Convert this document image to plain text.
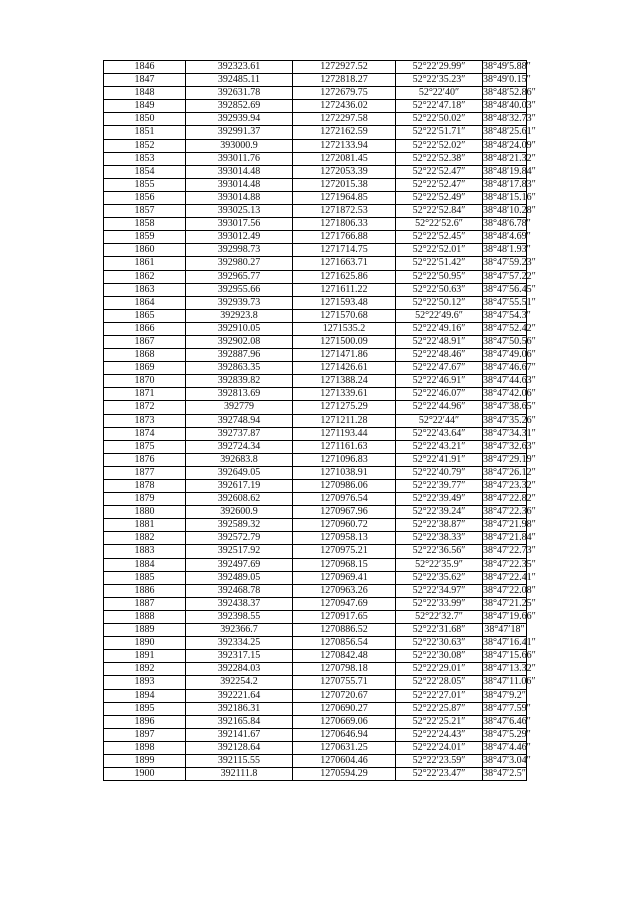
1846	392323.61	1272927.52	52°22′29.99″	38°49′5.88″
1847	392485.11	1272818.27	52°22′35.23″	38°49′0.15″
1848	392631.78	1272679.75	52°22′40″	38°48′52.86″
1849	392852.69	1272436.02	52°22′47.18″	38°48′40.03″
1850	392939.94	1272297.58	52°22′50.02″	38°48′32.73″
1851	392991.37	1272162.59	52°22′51.71″	38°48′25.61″
1852	393000.9	1272133.94	52°22′52.02″	38°48′24.09″
1853	393011.76	1272081.45	52°22′52.38″	38°48′21.32″
1854	393014.48	1272053.39	52°22′52.47″	38°48′19.84″
1855	393014.48	1272015.38	52°22′52.47″	38°48′17.83″
1856	393014.88	1271964.85	52°22′52.49″	38°48′15.16″
1857	393025.13	1271872.53	52°22′52.84″	38°48′10.28″
1858	393017.56	1271806.33	52°22′52.6″	38°48′6.78″
1859	393012.49	1271766.88	52°22′52.45″	38°48′4.69″
1860	392998.73	1271714.75	52°22′52.01″	38°48′1.93″
1861	392980.27	1271663.71	52°22′51.42″	38°47′59.23″
1862	392965.77	1271625.86	52°22′50.95″	38°47′57.22″
1863	392955.66	1271611.22	52°22′50.63″	38°47′56.45″
1864	392939.73	1271593.48	52°22′50.12″	38°47′55.51″
1865	392923.8	1271570.68	52°22′49.6″	38°47′54.3″
1866	392910.05	1271535.2	52°22′49.16″	38°47′52.42″
1867	392902.08	1271500.09	52°22′48.91″	38°47′50.56″
1868	392887.96	1271471.86	52°22′48.46″	38°47′49.06″
1869	392863.35	1271426.61	52°22′47.67″	38°47′46.67″
1870	392839.82	1271388.24	52°22′46.91″	38°47′44.63″
1871	392813.69	1271339.61	52°22′46.07″	38°47′42.06″
1872	392779	1271275.29	52°22′44.96″	38°47′38.65″
1873	392748.94	1271211.28	52°22′44″	38°47′35.26″
1874	392737.87	1271193.44	52°22′43.64″	38°47′34.31″
1875	392724.34	1271161.63	52°22′43.21″	38°47′32.63″
1876	392683.8	1271096.83	52°22′41.91″	38°47′29.19″
1877	392649.05	1271038.91	52°22′40.79″	38°47′26.12″
1878	392617.19	1270986.06	52°22′39.77″	38°47′23.32″
1879	392608.62	1270976.54	52°22′39.49″	38°47′22.82″
1880	392600.9	1270967.96	52°22′39.24″	38°47′22.36″
1881	392589.32	1270960.72	52°22′38.87″	38°47′21.98″
1882	392572.79	1270958.13	52°22′38.33″	38°47′21.84″
1883	392517.92	1270975.21	52°22′36.56″	38°47′22.73″
1884	392497.69	1270968.15	52°22′35.9″	38°47′22.35″
1885	392489.05	1270969.41	52°22′35.62″	38°47′22.41″
1886	392468.78	1270963.26	52°22′34.97″	38°47′22.08″
1887	392438.37	1270947.69	52°22′33.99″	38°47′21.25″
1888	392398.55	1270917.65	52°22′32.7″	38°47′19.66″
1889	392366.7	1270886.52	52°22′31.68″	38°47′18″
1890	392334.25	1270856.54	52°22′30.63″	38°47′16.41″
1891	392317.15	1270842.48	52°22′30.08″	38°47′15.66″
1892	392284.03	1270798.18	52°22′29.01″	38°47′13.32″
1893	392254.2	1270755.71	52°22′28.05″	38°47′11.06″
1894	392221.64	1270720.67	52°22′27.01″	38°47′9.2″
1895	392186.31	1270690.27	52°22′25.87″	38°47′7.59″
1896	392165.84	1270669.06	52°22′25.21″	38°47′6.46″
1897	392141.67	1270646.94	52°22′24.43″	38°47′5.29″
1898	392128.64	1270631.25	52°22′24.01″	38°47′4.46″
1899	392115.55	1270604.46	52°22′23.59″	38°47′3.04″
1900	392111.8	1270594.29	52°22′23.47″	38°47′2.5″
